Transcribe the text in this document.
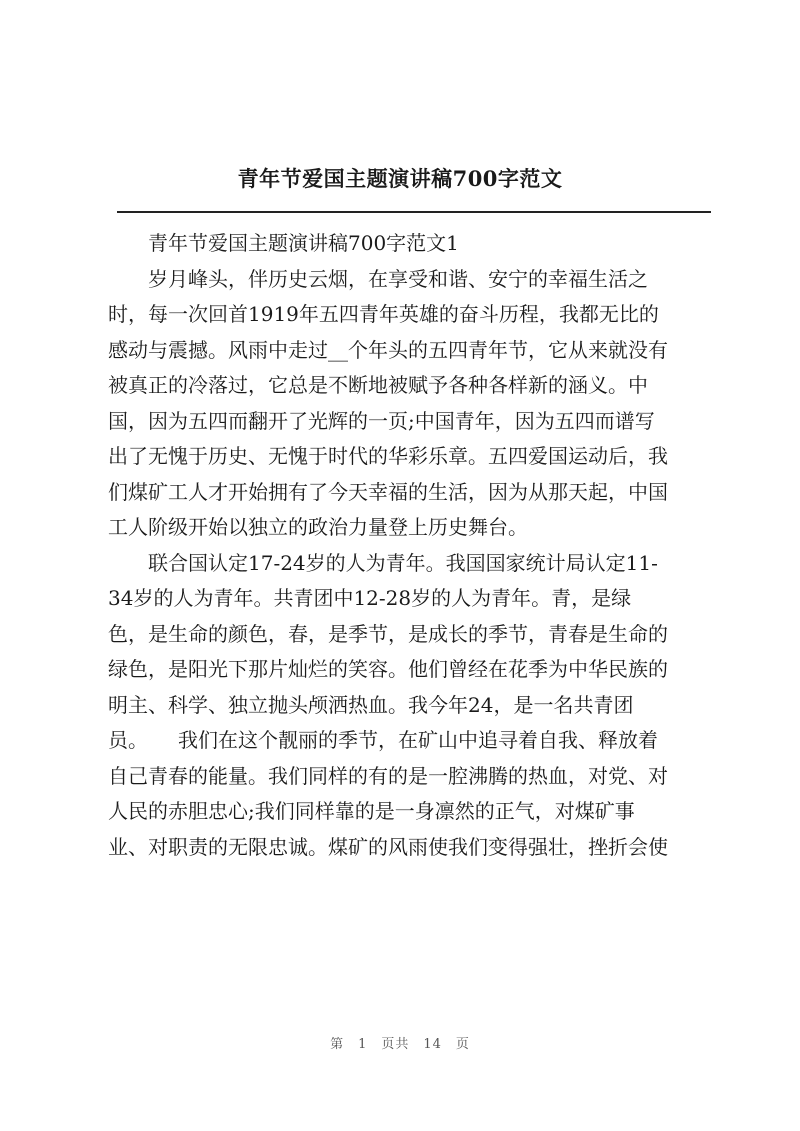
青年节爱国主题演讲稿700字范文
青年节爱国主题演讲稿700字范文1
岁月峰头，伴历史云烟，在享受和谐、安宁的幸福生活之
时，每一次回首1919年五四青年英雄的奋斗历程，我都无比的
感动与震撼。风雨中走过__个年头的五四青年节，它从来就没有
被真正的冷落过，它总是不断地被赋予各种各样新的涵义。中
国，因为五四而翻开了光辉的一页;中国青年，因为五四而谱写
出了无愧于历史、无愧于时代的华彩乐章。五四爱国运动后，我
们煤矿工人才开始拥有了今天幸福的生活，因为从那天起，中国
工人阶级开始以独立的政治力量登上历史舞台。
联合国认定17-24岁的人为青年。我国国家统计局认定11-
34岁的人为青年。共青团中12-28岁的人为青年。青，是绿
色，是生命的颜色，春，是季节，是成长的季节，青春是生命的
绿色，是阳光下那片灿烂的笑容。他们曾经在花季为中华民族的
明主、科学、独立抛头颅洒热血。我今年24，是一名共青团
员。　　我们在这个靓丽的季节，在矿山中追寻着自我、释放着
自己青春的能量。我们同样的有的是一腔沸腾的热血，对党、对
人民的赤胆忠心;我们同样靠的是一身凛然的正气，对煤矿事
业、对职责的无限忠诚。煤矿的风雨使我们变得强壮，挫折会使
第 1 页共 14 页
